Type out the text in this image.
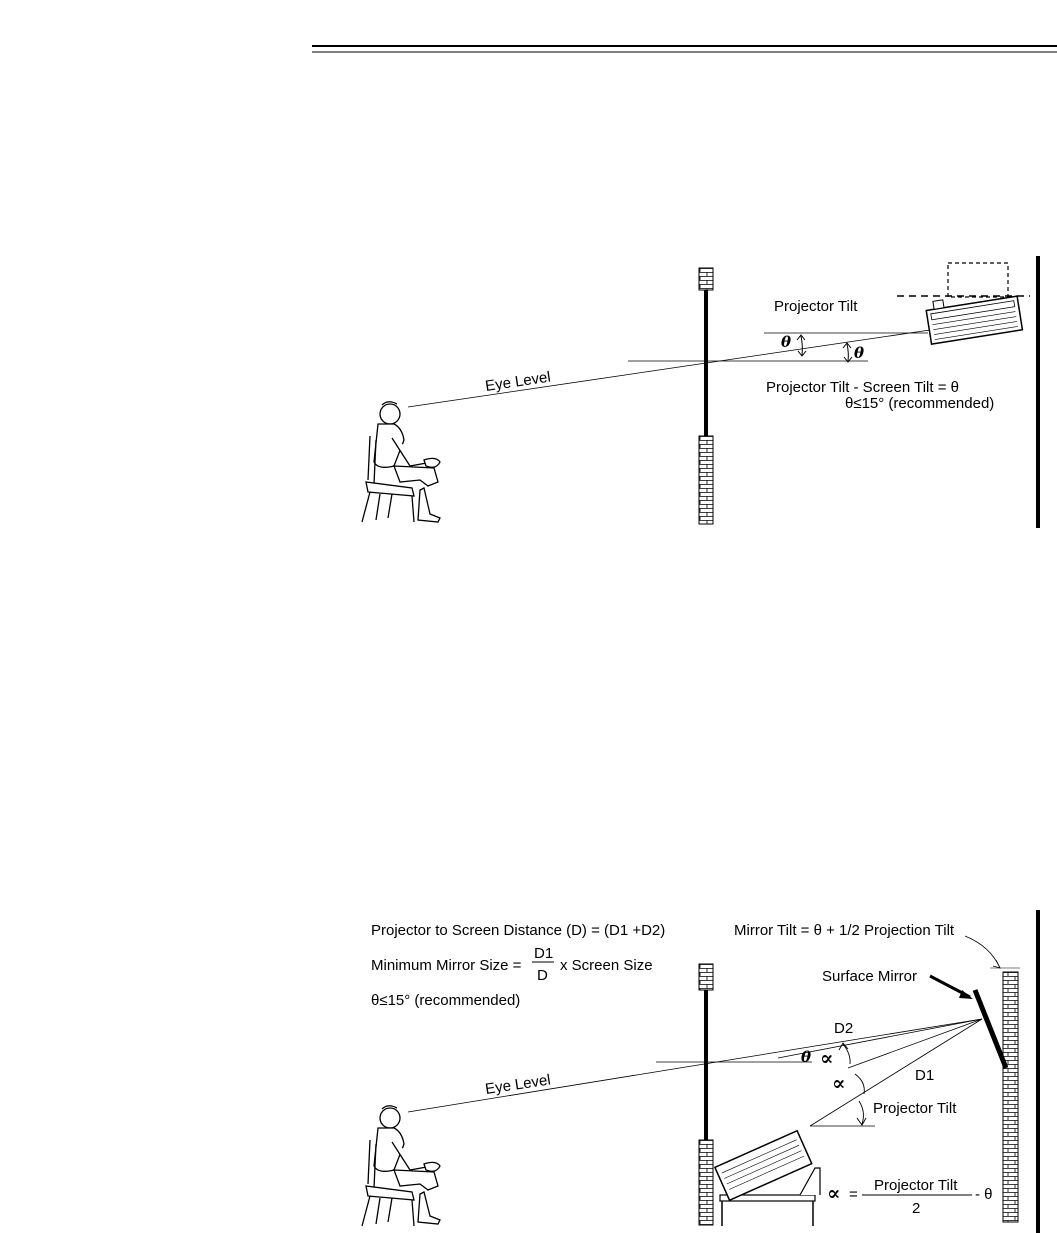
Projector Tilt
θ
θ
Eye Level	Projector Tilt - Screen Tilt = θ
θ≤15° (recommended)
Projector to Screen Distance (D) = (D1 +D2)
Minimum Mirror Size =
D1
D
x Screen Size
θ≤15° (recommended)
Mirror Tilt = θ + 1/2 Projection Tilt
Surface Mirror
D2
D1
θ ∝
∝
Eye Level
Projector Tilt
∝ =
Projector Tilt
2
- θ
